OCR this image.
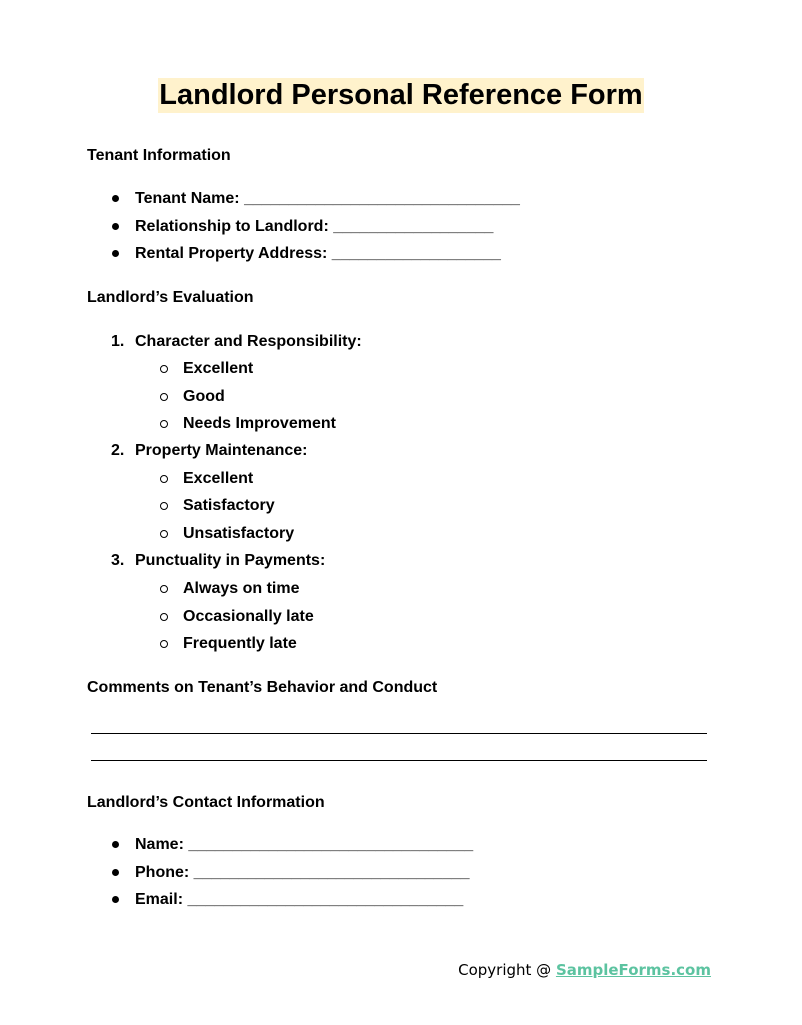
Landlord Personal Reference Form
Tenant Information
Tenant Name: _______________________________
Relationship to Landlord: __________________
Rental Property Address: ___________________
Landlord’s Evaluation
1. Character and Responsibility:
Excellent
Good
Needs Improvement
2. Property Maintenance:
Excellent
Satisfactory
Unsatisfactory
3. Punctuality in Payments:
Always on time
Occasionally late
Frequently late
Comments on Tenant’s Behavior and Conduct
Landlord’s Contact Information
Name: ________________________________
Phone: _______________________________
Email: _______________________________
Copyright @ SampleForms.com
